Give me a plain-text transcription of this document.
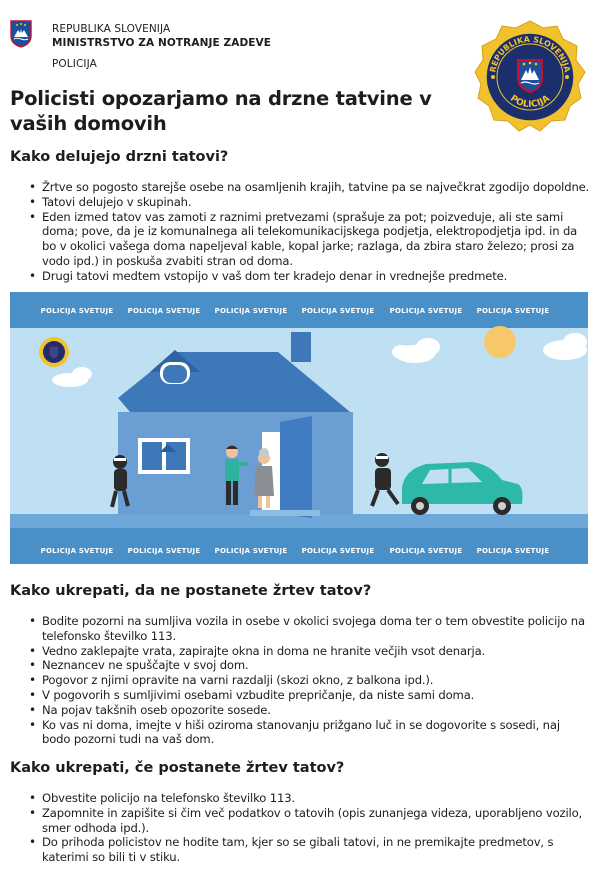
REPUBLIKA SLOVENIJA
MINISTRSTVO ZA NOTRANJE ZADEVE
POLICIJA	REPUBLIKA SLOVENIJA
POLICIJA
Policisti opozarjamo na drzne tatvine v vaših domovih
Kako delujejo drzni tatovi?
• Žrtve so pogosto starejše osebe na osamljenih krajih, tatvine pa se največkrat zgodijo dopoldne.
• Tatovi delujejo v skupinah.
• Eden izmed tatov vas zamoti z raznimi pretvezami (sprašuje za pot; poizveduje, ali ste sami doma; pove, da je iz komunalnega ali telekomunikacijskega podjetja, elektropodjetja ipd. in da bo v okolici vašega doma napeljeval kable, kopal jarke; razlaga, da zbira staro železo; prosi za vodo ipd.) in poskuša zvabiti stran od doma.
• Drugi tatovi medtem vstopijo v vaš dom ter kradejo denar in vrednejše predmete.
POLICIJA SVETUJE POLICIJA SVETUJE POLICIJA SVETUJE POLICIJA SVETUJE POLICIJA SVETUJE POLICIJA SVETUJE
POLICIJA SVETUJE POLICIJA SVETUJE POLICIJA SVETUJE POLICIJA SVETUJE POLICIJA SVETUJE POLICIJA SVETUJE
Kako ukrepati, da ne postanete žrtev tatov?
• Bodite pozorni na sumljiva vozila in osebe v okolici svojega doma ter o tem obvestite policijo na telefonsko številko 113.
• Vedno zaklepajte vrata, zapirajte okna in doma ne hranite večjih vsot denarja.
• Neznancev ne spuščajte v svoj dom.
• Pogovor z njimi opravite na varni razdalji (skozi okno, z balkona ipd.).
• V pogovorih s sumljivimi osebami vzbudite prepričanje, da niste sami doma.
• Na pojav takšnih oseb opozorite sosede.
• Ko vas ni doma, imejte v hiši oziroma stanovanju prižgano luč in se dogovorite s sosedi, naj bodo pozorni tudi na vaš dom.
Kako ukrepati, če postanete žrtev tatov?
• Obvestite policijo na telefonsko številko 113.
• Zapomnite in zapišite si čim več podatkov o tatovih (opis zunanjega videza, uporabljeno vozilo, smer odhoda ipd.).
• Do prihoda policistov ne hodite tam, kjer so se gibali tatovi, in ne premikajte predmetov, s katerimi so bili ti v stiku.
